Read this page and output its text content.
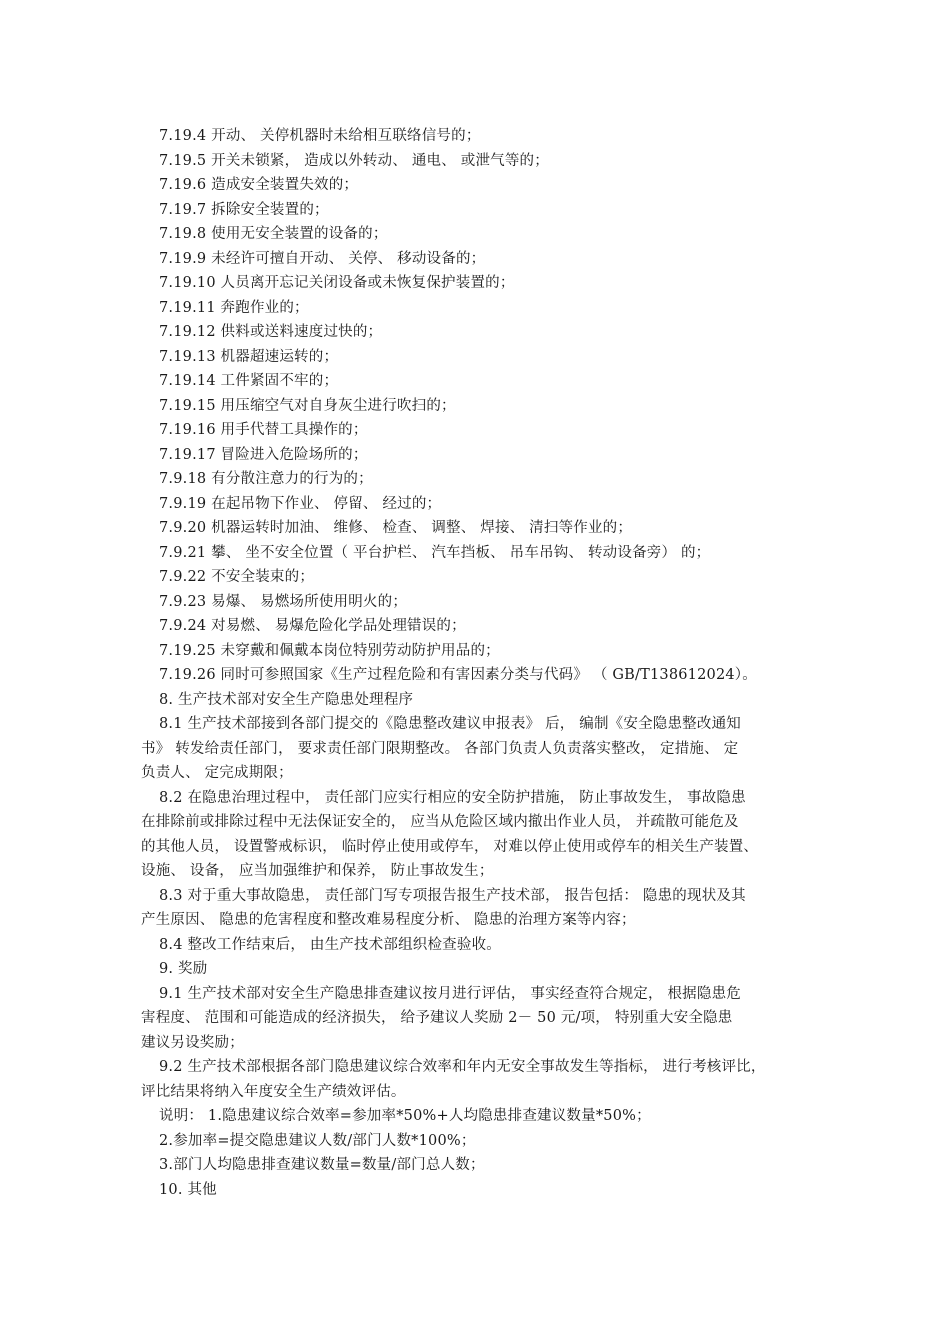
7.19.4 开动、 关停机器时未给相互联络信号的；
7.19.5 开关未锁紧， 造成以外转动、 通电、 或泄气等的；
7.19.6 造成安全装置失效的；
7.19.7 拆除安全装置的；
7.19.8 使用无安全装置的设备的；
7.19.9 未经许可擅自开动、 关停、 移动设备的；
7.19.10 人员离开忘记关闭设备或未恢复保护装置的；
7.19.11 奔跑作业的；
7.19.12 供料或送料速度过快的；
7.19.13 机器超速运转的；
7.19.14 工件紧固不牢的；
7.19.15 用压缩空气对自身灰尘进行吹扫的；
7.19.16 用手代替工具操作的；
7.19.17 冒险进入危险场所的；
7.9.18 有分散注意力的行为的；
7.9.19 在起吊物下作业、 停留、 经过的；
7.9.20 机器运转时加油、 维修、 检查、 调整、 焊接、 清扫等作业的；
7.9.21 攀、 坐不安全位置（ 平台护栏、 汽车挡板、 吊车吊钩、 转动设备旁） 的；
7.9.22 不安全装束的；
7.9.23 易爆、 易燃场所使用明火的；
7.9.24 对易燃、 易爆危险化学品处理错误的；
7.19.25 未穿戴和佩戴本岗位特别劳动防护用品的；
7.19.26 同时可参照国家《生产过程危险和有害因素分类与代码》 （ GB/T138612024）。
8. 生产技术部对安全生产隐患处理程序
8.1 生产技术部接到各部门提交的《隐患整改建议申报表》 后， 编制《安全隐患整改通知
书》 转发给责任部门， 要求责任部门限期整改。 各部门负责人负责落实整改， 定措施、 定
负责人、 定完成期限；
8.2 在隐患治理过程中， 责任部门应实行相应的安全防护措施， 防止事故发生， 事故隐患
在排除前或排除过程中无法保证安全的， 应当从危险区域内撤出作业人员， 并疏散可能危及
的其他人员， 设置警戒标识， 临时停止使用或停车， 对难以停止使用或停车的相关生产装置、
设施、 设备， 应当加强维护和保养， 防止事故发生；
8.3 对于重大事故隐患， 责任部门写专项报告报生产技术部， 报告包括： 隐患的现状及其
产生原因、 隐患的危害程度和整改难易程度分析、 隐患的治理方案等内容；
8.4 整改工作结束后， 由生产技术部组织检查验收。
9. 奖励
9.1 生产技术部对安全生产隐患排查建议按月进行评估， 事实经查符合规定， 根据隐患危
害程度、 范围和可能造成的经济损失， 给予建议人奖励 2－ 50 元/项， 特别重大安全隐患
建议另设奖励；
9.2 生产技术部根据各部门隐患建议综合效率和年内无安全事故发生等指标， 进行考核评比，
评比结果将纳入年度安全生产绩效评估。
说明： 1.隐患建议综合效率=参加率*50%+人均隐患排查建议数量*50%；
2.参加率=提交隐患建议人数/部门人数*100%；
3.部门人均隐患排查建议数量=数量/部门总人数；
10. 其他
